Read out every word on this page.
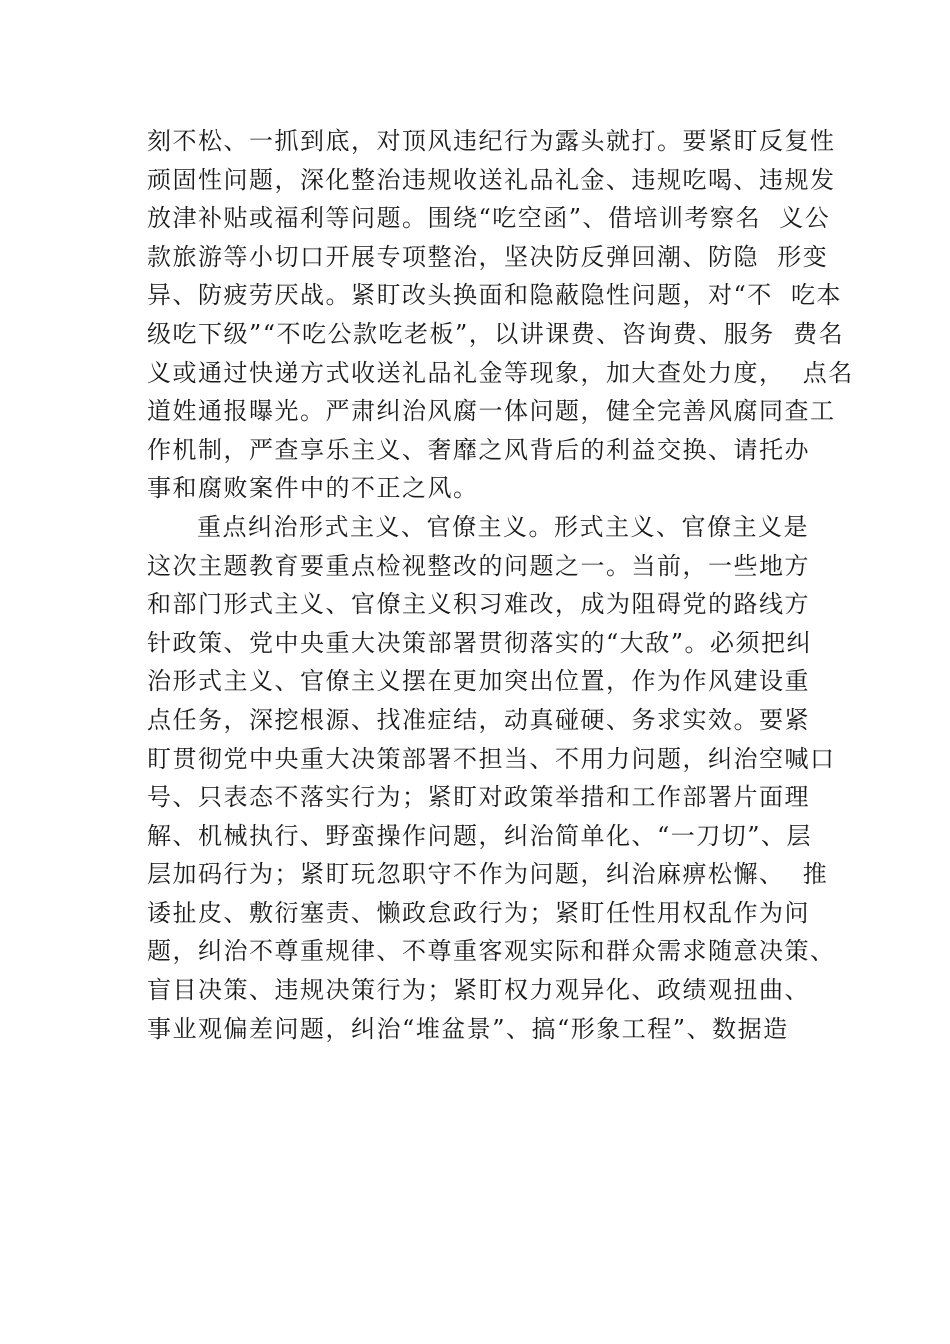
刻不松、一抓到底，对顶风违纪行为露头就打。要紧盯反复性
顽固性问题，深化整治违规收送礼品礼金、违规吃喝、违规发
放津补贴或福利等问题。围绕“吃空函”、借培训考察名  义公
款旅游等小切口开展专项整治，坚决防反弹回潮、防隐  形变
异、防疲劳厌战。紧盯改头换面和隐蔽隐性问题，对“不  吃本
级吃下级”“不吃公款吃老板”，以讲课费、咨询费、服务  费名
义或通过快递方式收送礼品礼金等现象，加大查处力度，  点名
道姓通报曝光。严肃纠治风腐一体问题，健全完善风腐同查工
作机制，严查享乐主义、奢靡之风背后的利益交换、请托办
事和腐败案件中的不正之风。
重点纠治形式主义、官僚主义。形式主义、官僚主义是
这次主题教育要重点检视整改的问题之一。当前，一些地方
和部门形式主义、官僚主义积习难改，成为阻碍党的路线方
针政策、党中央重大决策部署贯彻落实的“大敌”。必须把纠
治形式主义、官僚主义摆在更加突出位置，作为作风建设重
点任务，深挖根源、找准症结，动真碰硬、务求实效。要紧
盯贯彻党中央重大决策部署不担当、不用力问题，纠治空喊口
号、只表态不落实行为；紧盯对政策举措和工作部署片面理
解、机械执行、野蛮操作问题，纠治简单化、“一刀切”、层
层加码行为；紧盯玩忽职守不作为问题，纠治麻痹松懈、  推
诿扯皮、敷衍塞责、懒政怠政行为；紧盯任性用权乱作为问
题，纠治不尊重规律、不尊重客观实际和群众需求随意决策、
盲目决策、违规决策行为；紧盯权力观异化、政绩观扭曲、
事业观偏差问题，纠治“堆盆景”、搞“形象工程”、数据造
